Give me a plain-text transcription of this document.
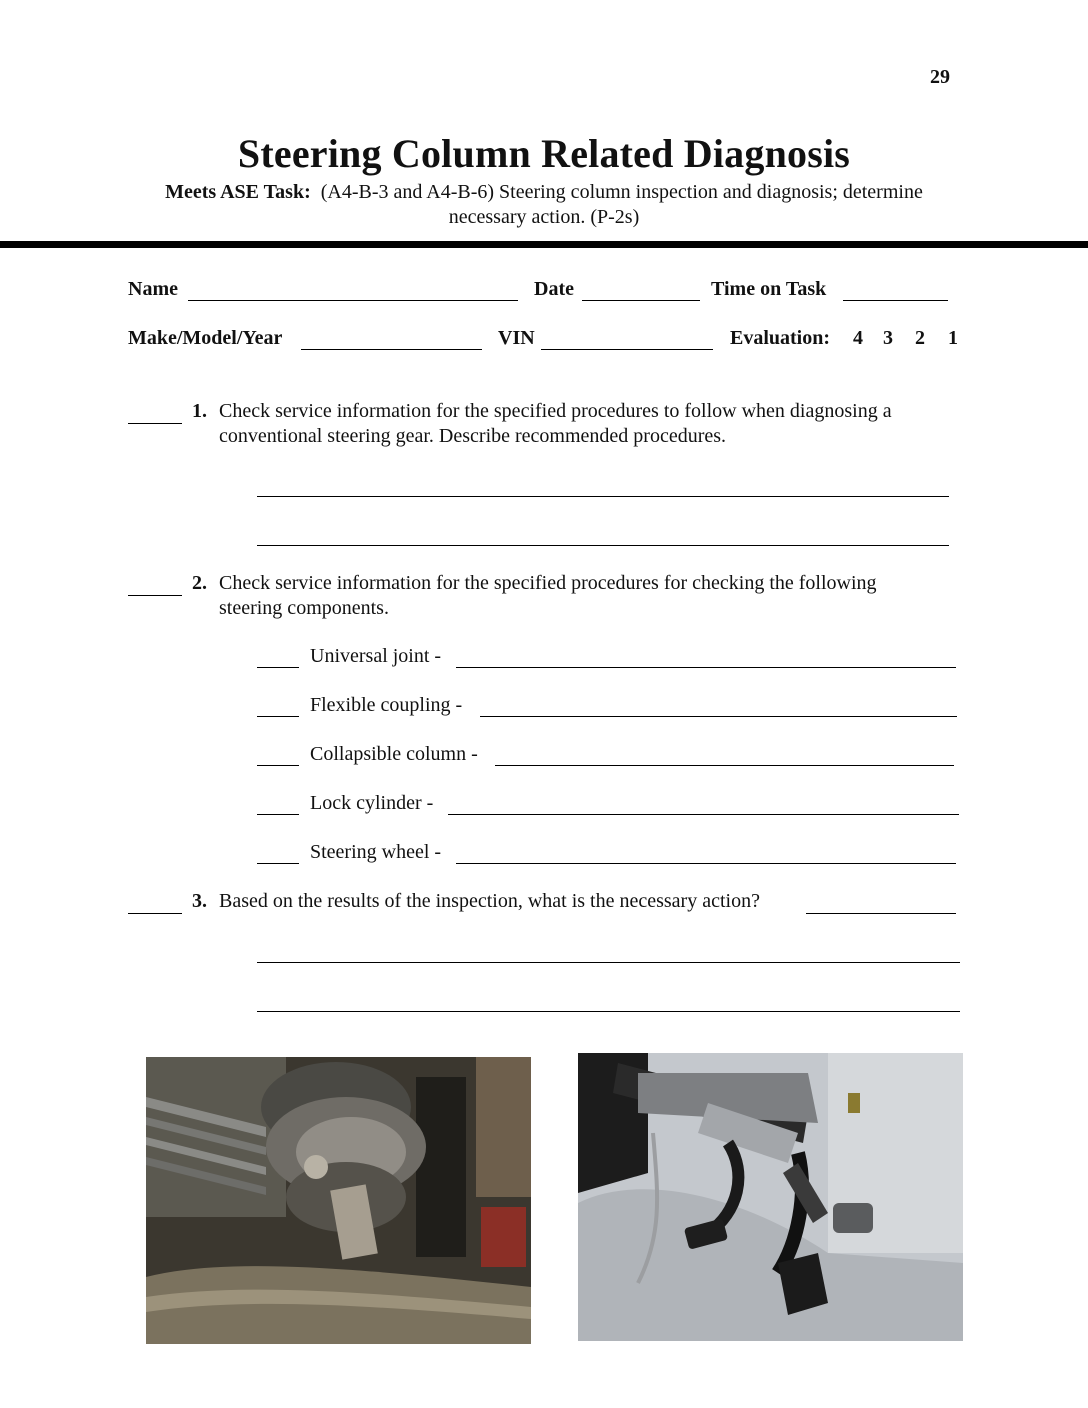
29
Steering Column Related Diagnosis
Meets ASE Task: (A4-B-3 and A4-B-6) Steering column inspection and diagnosis; determine
necessary action. (P-2s)
Name	Date	Time on Task
Make/Model/Year	VIN	Evaluation: 4 3 2 1
1. Check service information for the specified procedures to follow when diagnosing a
conventional steering gear. Describe recommended procedures.
2. Check service information for the specified procedures for checking the following
steering components.
Universal joint -
Flexible coupling -
Collapsible column -
Lock cylinder -
Steering wheel -
3. Based on the results of the inspection, what is the necessary action?
